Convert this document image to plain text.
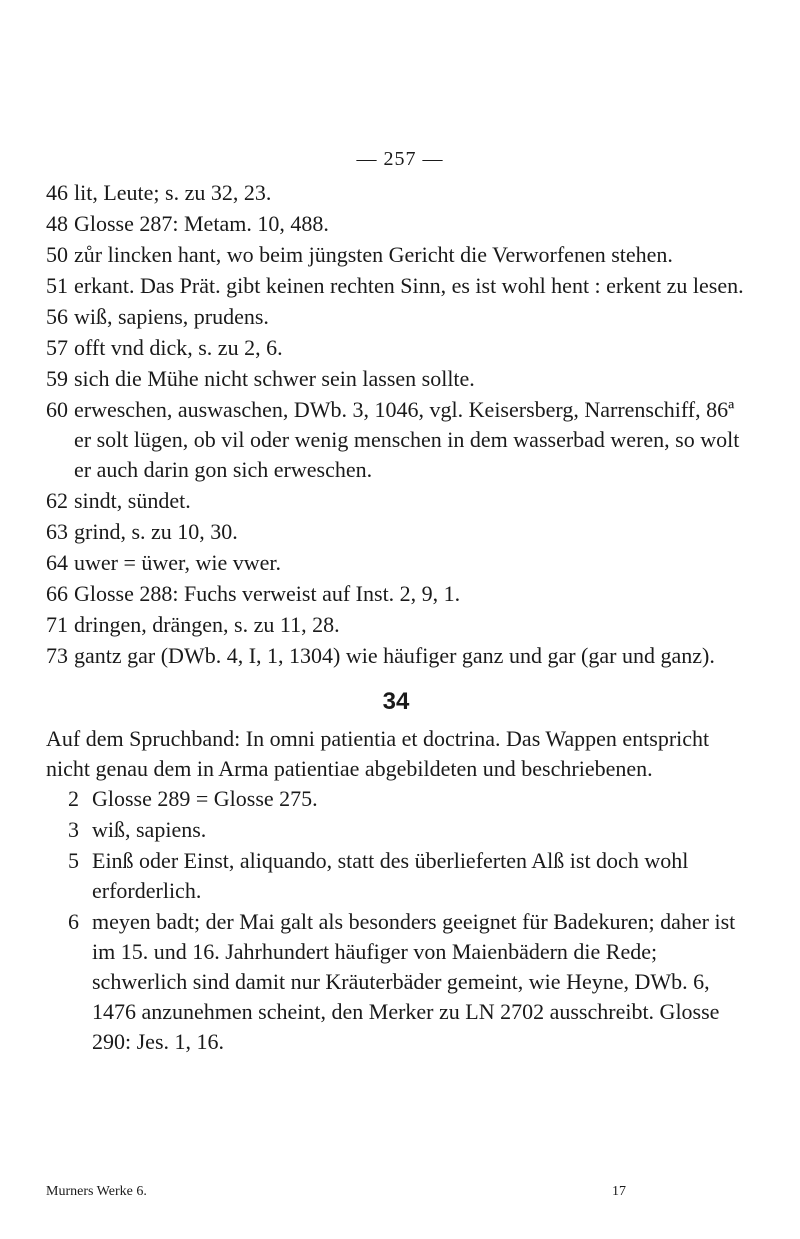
— 257 —

46 lit, Leute; s. zu 32, 23.

48 Glosse 287: Metam. 10, 488.

50 zůr lincken hant, wo beim jüngsten Gericht die Verworfenen stehen.

51 erkant. Das Prät. gibt keinen rechten Sinn, es ist wohl hent : erkent zu lesen.

56 wiß, sapiens, prudens.

57 offt vnd dick, s. zu 2, 6.

59 sich die Mühe nicht schwer sein lassen sollte.

60 erweschen, auswaschen, DWb. 3, 1046, vgl. Keisersberg, Narrenschiff, 86ª er solt lügen, ob vil oder wenig menschen in dem wasserbad weren, so wolt er auch darin gon sich erweschen.

62 sindt, sündet.

63 grind, s. zu 10, 30.

64 uwer = üwer, wie vwer.

66 Glosse 288: Fuchs verweist auf Inst. 2, 9, 1.

71 dringen, drängen, s. zu 11, 28.

73 gantz gar (DWb. 4, I, 1, 1304) wie häufiger ganz und gar (gar und ganz).

34

Auf dem Spruchband: In omni patientia et doctrina. Das Wappen entspricht nicht genau dem in Arma patientiae abgebildeten und beschriebenen.

2 Glosse 289 = Glosse 275.

3 wiß, sapiens.

5 Einß oder Einst, aliquando, statt des überlieferten Alß ist doch wohl erforderlich.

6 meyen badt; der Mai galt als besonders geeignet für Badekuren; daher ist im 15. und 16. Jahrhundert häufiger von Maienbädern die Rede; schwerlich sind damit nur Kräuterbäder gemeint, wie Heyne, DWb. 6, 1476 anzunehmen scheint, den Merker zu LN 2702 ausschreibt. Glosse 290: Jes. 1, 16.

Murners Werke 6.	17
